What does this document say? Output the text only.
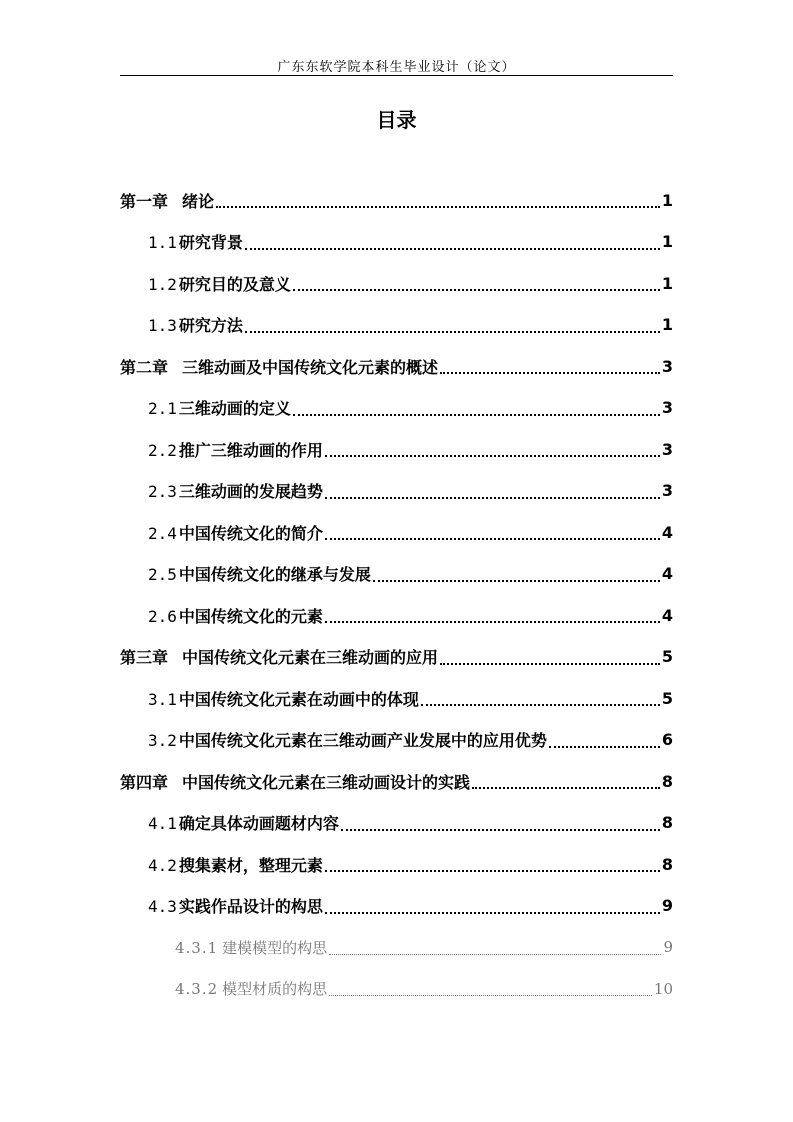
广东东软学院本科生毕业设计（论文）
目录
第一章 绪论	1
1.1 研究背景	1
1.2 研究目的及意义	1
1.3 研究方法	1
第二章 三维动画及中国传统文化元素的概述	3
2.1 三维动画的定义	3
2.2 推广三维动画的作用	3
2.3 三维动画的发展趋势	3
2.4 中国传统文化的简介	4
2.5 中国传统文化的继承与发展	4
2.6 中国传统文化的元素	4
第三章 中国传统文化元素在三维动画的应用	5
3.1 中国传统文化元素在动画中的体现	5
3.2 中国传统文化元素在三维动画产业发展中的应用优势	6
第四章 中国传统文化元素在三维动画设计的实践	8
4.1 确定具体动画题材内容	8
4.2 搜集素材，整理元素	8
4.3 实践作品设计的构思	9
4.3.1 建模模型的构思	9
4.3.2 模型材质的构思	10
